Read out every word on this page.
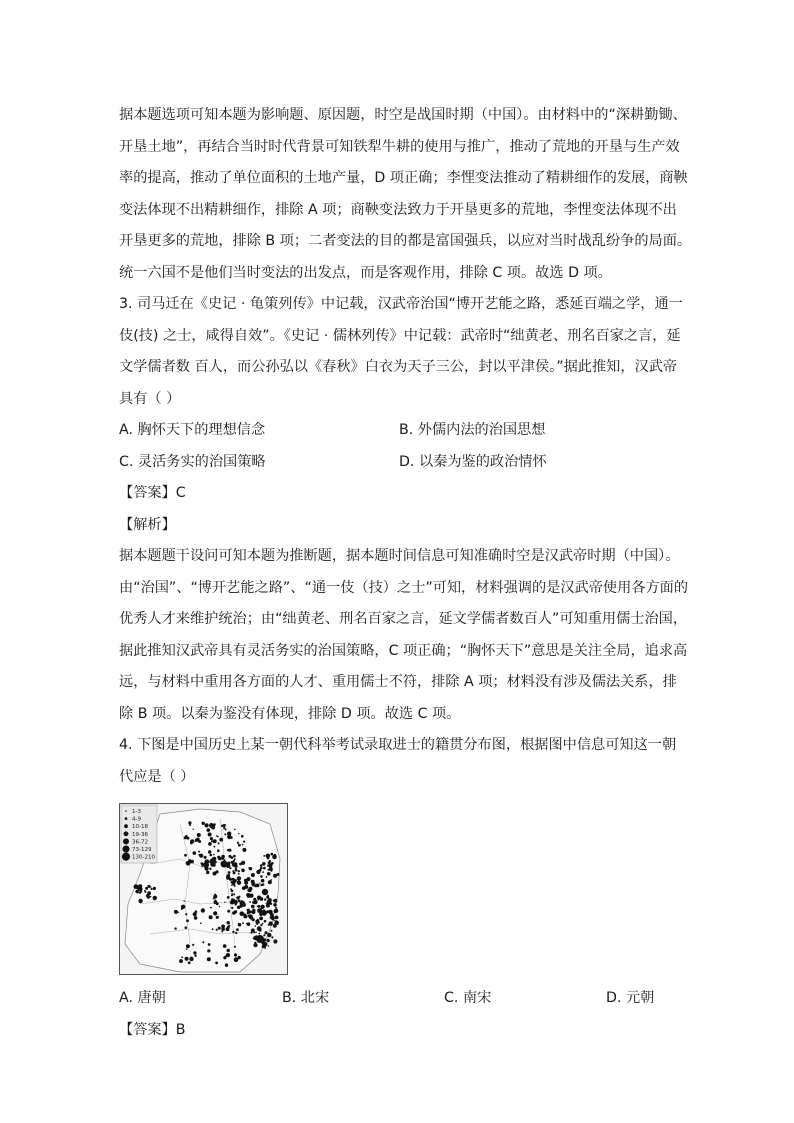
据本题选项可知本题为影响题、原因题，时空是战国时期（中国）。由材料中的“深耕勤锄、

开垦土地”，再结合当时时代背景可知铁犁牛耕的使用与推广，推动了荒地的开垦与生产效

率的提高，推动了单位面积的土地产量，D 项正确；李悝变法推动了精耕细作的发展，商鞅

变法体现不出精耕细作，排除 A 项；商鞅变法致力于开垦更多的荒地，李悝变法体现不出

开垦更多的荒地，排除 B 项；二者变法的目的都是富国强兵，以应对当时战乱纷争的局面。

统一六国不是他们当时变法的出发点，而是客观作用，排除 C 项。故选 D 项。

3. 司马迁在《史记 · 龟策列传》中记载，汉武帝治国“博开艺能之路，悉延百端之学，通一

伎(技) 之士，咸得自效”。《史记 · 儒林列传》中记载：武帝时“绌黄老、刑名百家之言，延

文学儒者数 百人，而公孙弘以《春秋》白衣为天子三公，封以平津侯。”据此推知，汉武帝

具有（ ）

A. 胸怀天下的理想信念	B. 外儒内法的治国思想
C. 灵活务实的治国策略	D. 以秦为鉴的政治情怀

【答案】C

【解析】

据本题题干设问可知本题为推断题，据本题时间信息可知准确时空是汉武帝时期（中国）。

由“治国”、“博开艺能之路”、“通一伎（技）之士”可知，材料强调的是汉武帝使用各方面的

优秀人才来维护统治；由“绌黄老、刑名百家之言，延文学儒者数百人”可知重用儒士治国，

据此推知汉武帝具有灵活务实的治国策略，C 项正确；“胸怀天下”意思是关注全局，追求高

远，与材料中重用各方面的人才、重用儒士不符，排除 A 项；材料没有涉及儒法关系，排

除 B 项。以秦为鉴没有体现，排除 D 项。故选 C 项。

4. 下图是中国历史上某一朝代科举考试录取进士的籍贯分布图，根据图中信息可知这一朝

代应是（ ）

1-3
4-9
10-18
19-36
36-72
73-129
130-210
A. 唐朝	B. 北宋	C. 南宋	D. 元朝

【答案】B
